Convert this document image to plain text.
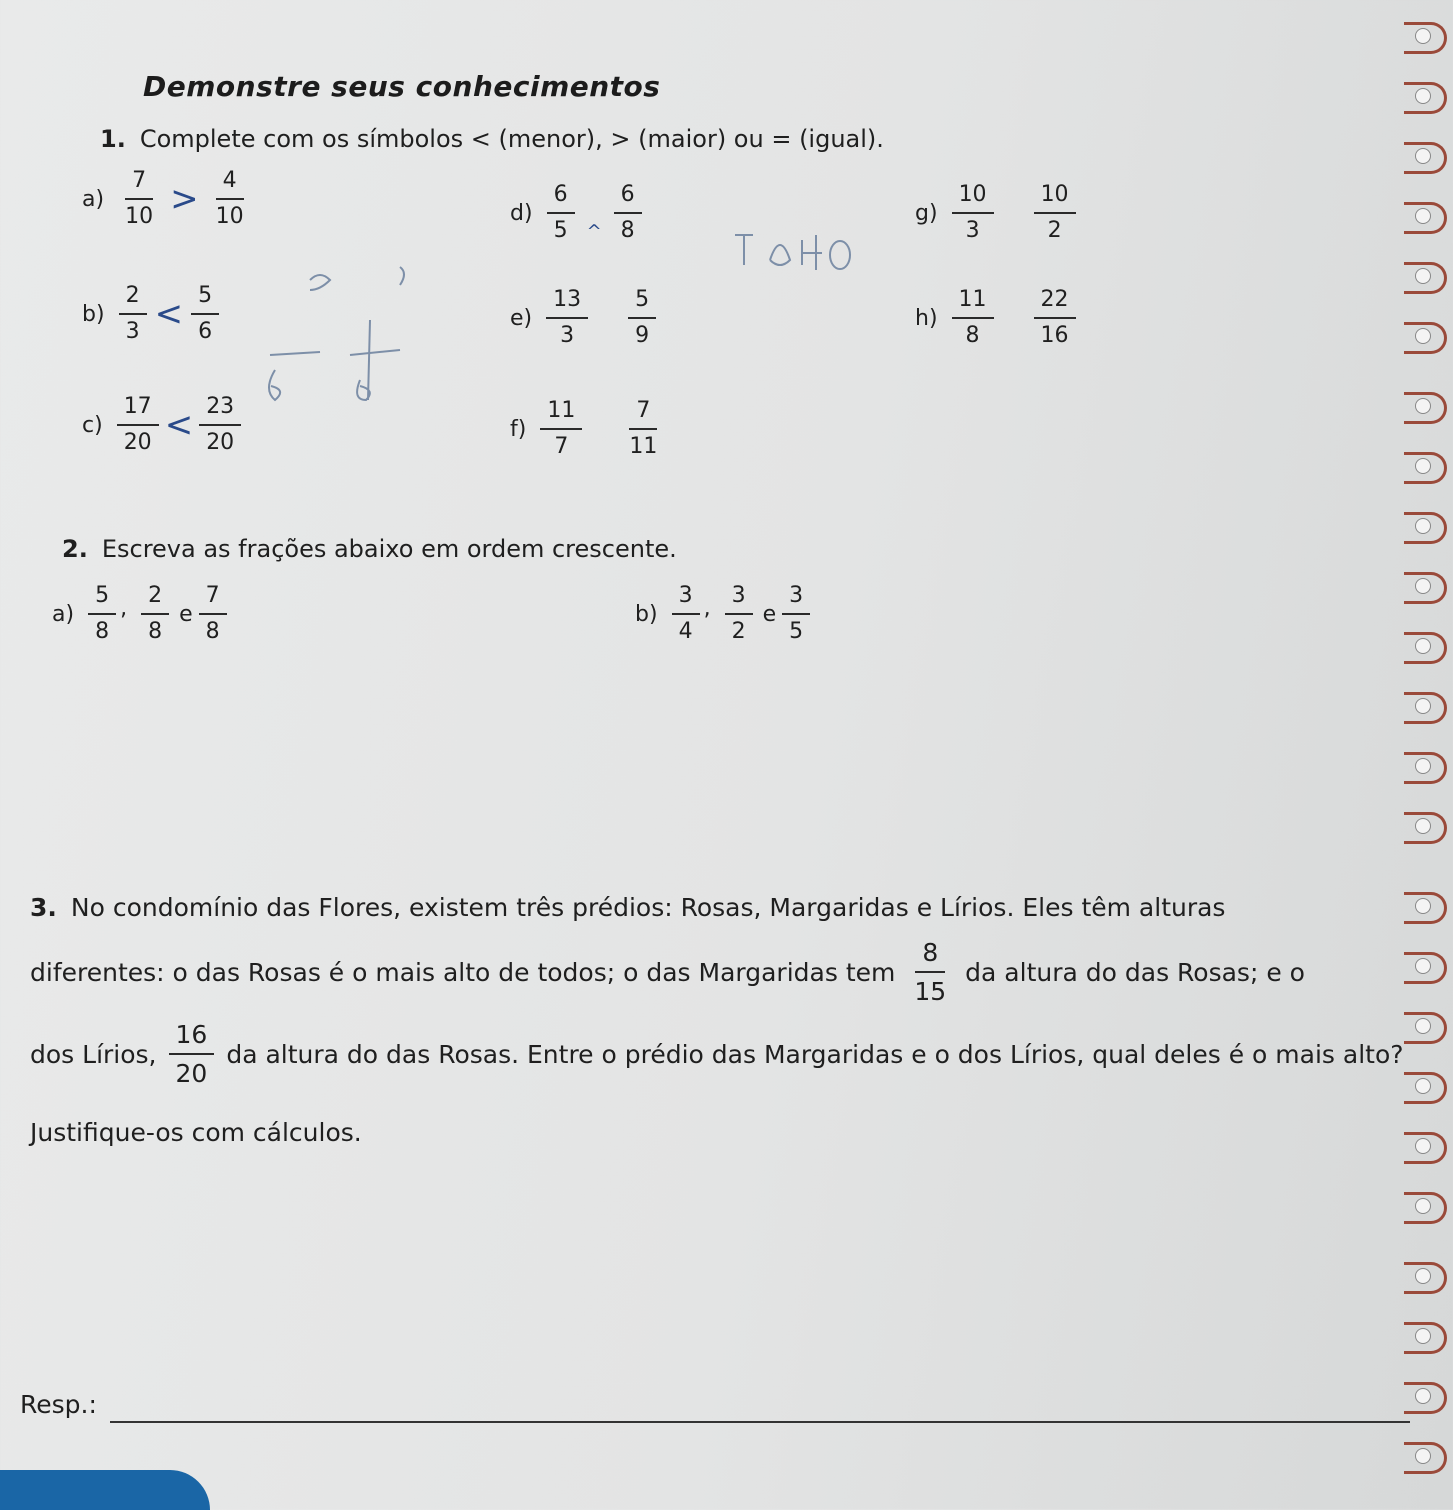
Demonstre seus conhecimentos
1. Complete com os símbolos < (menor), > (maior) ou = (igual).
$a) \frac{7}{10} > \frac{4}{10}$
$b) \frac{2}{3} < \frac{5}{6}$
$c) \frac{17}{20} < \frac{23}{20}$
$d) \frac{6}{5}$ ^ $\frac{6}{8}$
$e) \frac{13}{3} \frac{5}{9}$
$f) \frac{11}{7} \frac{7}{11}$
$g) \frac{10}{3} \frac{10}{2}$
$h) \frac{11}{8} \frac{22}{16}$
2. Escreva as frações abaixo em ordem crescente.
$a) \frac{5}{8}$ , $\frac{2}{8}$ e $\frac{7}{8}$	$b) \frac{3}{4}$ , $\frac{3}{2}$ e $\frac{3}{5}$
3. No condomínio das Flores, existem três prédios: Rosas, Margaridas e Lírios. Eles têm alturas
diferentes: o das Rosas é o mais alto de todos; o das Margaridas tem $\frac{8}{15}$ da altura do das Rosas; e o
dos Lírios, $\frac{16}{20}$ da altura do das Rosas. Entre o prédio das Margaridas e o dos Lírios, qual deles é o mais alto?
Justifique-os com cálculos.
Resp.:
